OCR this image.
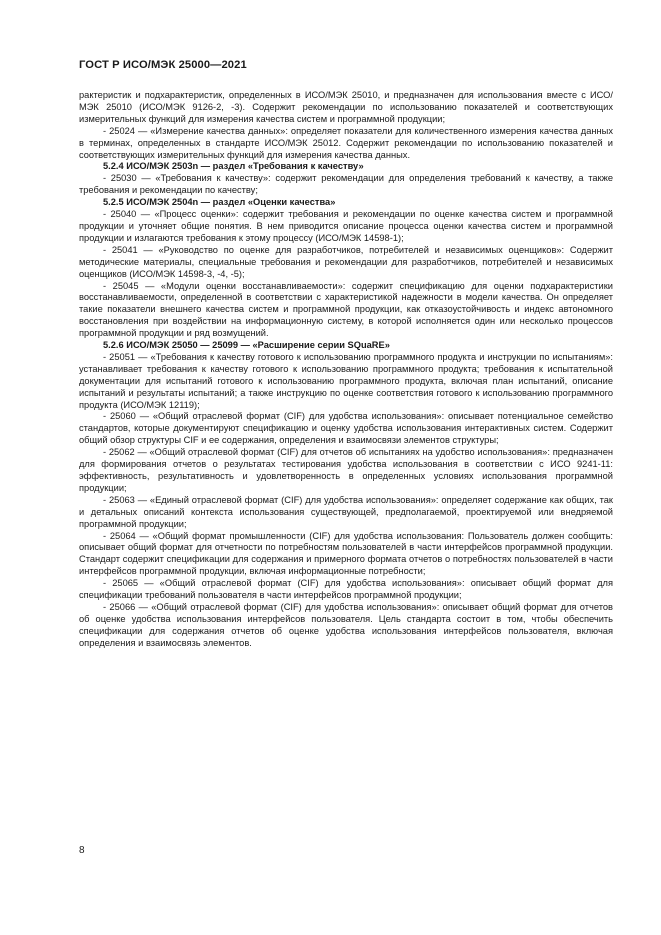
ГОСТ Р ИСО/МЭК 25000—2021

рактеристик и подхарактеристик, определенных в ИСО/МЭК 25010, и предназначен для использования вместе с ИСО/МЭК 25010 (ИСО/МЭК 9126-2, -3). Содержит рекомендации по использованию показателей и соответствующих измерительных функций для измерения качества систем и программной продукции;

- 25024 — «Измерение качества данных»: определяет показатели для количественного измерения качества данных в терминах, определенных в стандарте ИСО/МЭК 25012. Содержит рекомендации по использованию показателей и соответствующих измерительных функций для измерения качества данных.

5.2.4 ИСО/МЭК 2503n — раздел «Требования к качеству»

- 25030 — «Требования к качеству»: содержит рекомендации для определения требований к качеству, а также требования и рекомендации по качеству;

5.2.5 ИСО/МЭК 2504n — раздел «Оценки качества»

- 25040 — «Процесс оценки»: содержит требования и рекомендации по оценке качества систем и программной продукции и уточняет общие понятия. В нем приводится описание процесса оценки качества систем и программной продукции и излагаются требования к этому процессу (ИСО/МЭК 14598-1);

- 25041 — «Руководство по оценке для разработчиков, потребителей и независимых оценщиков»: Содержит методические материалы, специальные требования и рекомендации для разработчиков, потребителей и независимых оценщиков (ИСО/МЭК 14598-3, -4, -5);

- 25045 — «Модули оценки восстанавливаемости»: содержит спецификацию для оценки подхарактеристики восстанавливаемости, определенной в соответствии с характеристикой надежности в модели качества. Он определяет такие показатели внешнего качества систем и программной продукции, как отказоустойчивость и индекс автономного восстановления при воздействии на информационную систему, в которой исполняется один или несколько процессов программной продукции и ряд возмущений.

5.2.6 ИСО/МЭК 25050 — 25099 — «Расширение серии SQuaRE»

- 25051 — «Требования к качеству готового к использованию программного продукта и инструкции по испытаниям»: устанавливает требования к качеству готового к использованию программного продукта; требования к испытательной документации для испытаний готового к использованию программного продукта, включая план испытаний, описание испытаний и результаты испытаний; а также инструкцию по оценке соответствия готового к использованию программного продукта (ИСО/МЭК 12119);

- 25060 — «Общий отраслевой формат (CIF) для удобства использования»: описывает потенциальное семейство стандартов, которые документируют спецификацию и оценку удобства использования интерактивных систем. Содержит общий обзор структуры CIF и ее содержания, определения и взаимосвязи элементов структуры;

- 25062 — «Общий отраслевой формат (CIF) для отчетов об испытаниях на удобство использования»: предназначен для формирования отчетов о результатах тестирования удобства использования в соответствии с ИСО 9241-11: эффективность, результативность и удовлетворенность в определенных условиях использования программной продукции;

- 25063 — «Единый отраслевой формат (CIF) для удобства использования»: определяет содержание как общих, так и детальных описаний контекста использования существующей, предполагаемой, проектируемой или внедряемой программной продукции;

- 25064 — «Общий формат промышленности (CIF) для удобства использования: Пользователь должен сообщить: описывает общий формат для отчетности по потребностям пользователей в части интерфейсов программной продукции. Стандарт содержит спецификации для содержания и примерного формата отчетов о потребностях пользователей в части интерфейсов программной продукции, включая информационные потребности;

- 25065 — «Общий отраслевой формат (CIF) для удобства использования»: описывает общий формат для спецификации требований пользователя в части интерфейсов программной продукции;

- 25066 — «Общий отраслевой формат (CIF) для удобства использования»: описывает общий формат для отчетов об оценке удобства использования интерфейсов пользователя. Цель стандарта состоит в том, чтобы обеспечить спецификации для содержания отчетов об оценке удобства использования интерфейсов пользователя, включая определения и взаимосвязь элементов.

8
